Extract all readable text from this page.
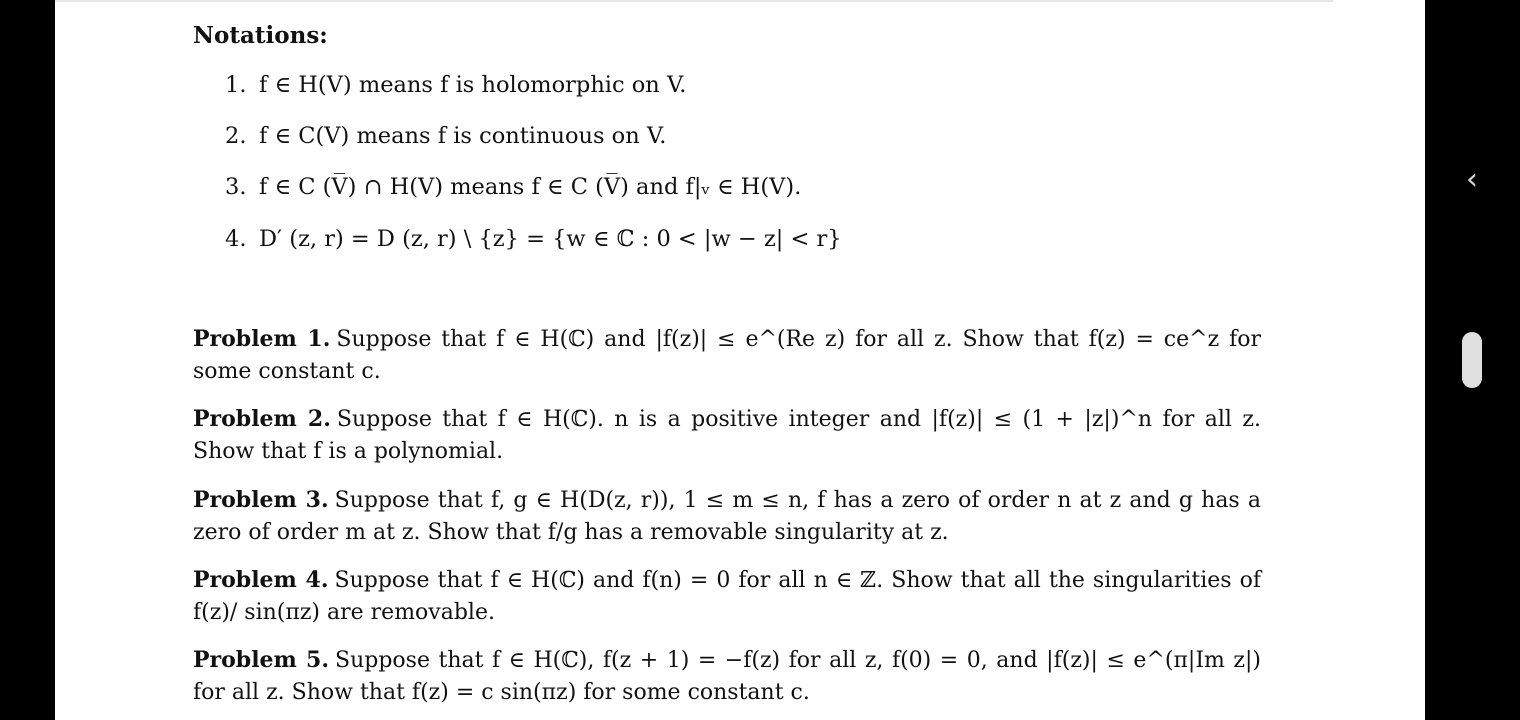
Notations:
1. f ∈ H(V) means f is holomorphic on V.
2. f ∈ C(V) means f is continuous on V.
3. f ∈ C (V̅) ∩ H(V) means f ∈ C (V̅) and f|ᵥ ∈ H(V).
4. D′ (z, r) = D (z, r) \ {z} = {w ∈ ℂ : 0 < |w − z| < r}
Problem 1. Suppose that f ∈ H(ℂ) and |f(z)| ≤ e^(Re z) for all z. Show that f(z) = ce^z for some constant c.
Problem 2. Suppose that f ∈ H(ℂ). n is a positive integer and |f(z)| ≤ (1 + |z|)^n for all z. Show that f is a polynomial.
Problem 3. Suppose that f, g ∈ H(D(z, r)), 1 ≤ m ≤ n, f has a zero of order n at z and g has a zero of order m at z. Show that f/g has a removable singularity at z.
Problem 4. Suppose that f ∈ H(ℂ) and f(n) = 0 for all n ∈ ℤ. Show that all the singularities of f(z)/ sin(πz) are removable.
Problem 5. Suppose that f ∈ H(ℂ), f(z + 1) = −f(z) for all z, f(0) = 0, and |f(z)| ≤ e^(π|Im z|) for all z. Show that f(z) = c sin(πz) for some constant c.
‹
